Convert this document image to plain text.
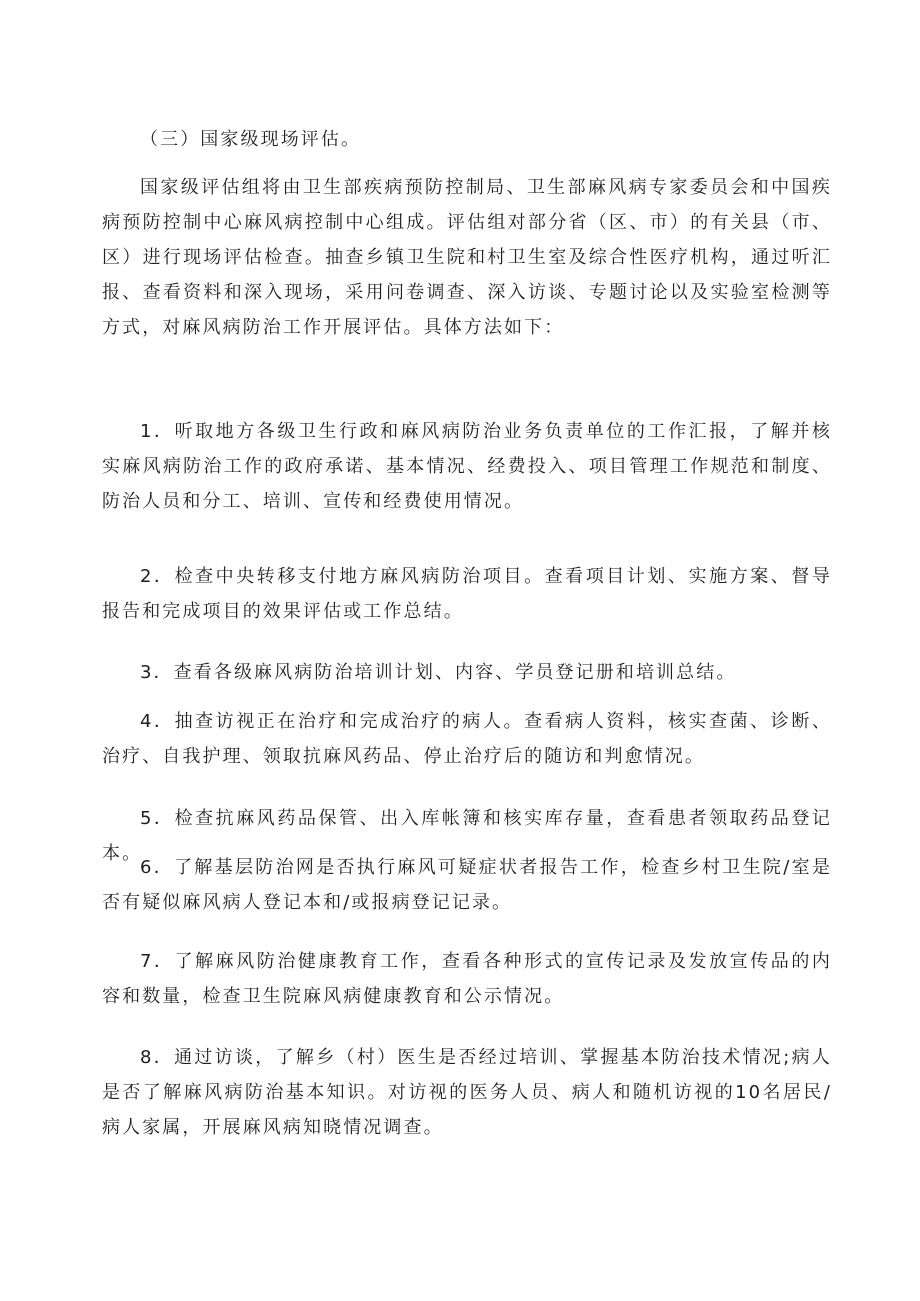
（三）国家级现场评估。

国家级评估组将由卫生部疾病预防控制局、卫生部麻风病专家委员会和中国疾病预防控制中心麻风病控制中心组成。评估组对部分省（区、市）的有关县（市、区）进行现场评估检查。抽查乡镇卫生院和村卫生室及综合性医疗机构，通过听汇报、查看资料和深入现场，采用问卷调查、深入访谈、专题讨论以及实验室检测等方式，对麻风病防治工作开展评估。具体方法如下：

1．听取地方各级卫生行政和麻风病防治业务负责单位的工作汇报，了解并核实麻风病防治工作的政府承诺、基本情况、经费投入、项目管理工作规范和制度、防治人员和分工、培训、宣传和经费使用情况。

2．检查中央转移支付地方麻风病防治项目。查看项目计划、实施方案、督导报告和完成项目的效果评估或工作总结。

3．查看各级麻风病防治培训计划、内容、学员登记册和培训总结。

4．抽查访视正在治疗和完成治疗的病人。查看病人资料，核实查菌、诊断、治疗、自我护理、领取抗麻风药品、停止治疗后的随访和判愈情况。

5．检查抗麻风药品保管、出入库帐簿和核实库存量，查看患者领取药品登记本。

6．了解基层防治网是否执行麻风可疑症状者报告工作，检查乡村卫生院/室是否有疑似麻风病人登记本和/或报病登记记录。

7．了解麻风防治健康教育工作，查看各种形式的宣传记录及发放宣传品的内容和数量，检查卫生院麻风病健康教育和公示情况。

8．通过访谈，了解乡（村）医生是否经过培训、掌握基本防治技术情况;病人是否了解麻风病防治基本知识。对访视的医务人员、病人和随机访视的10名居民/病人家属，开展麻风病知晓情况调查。
